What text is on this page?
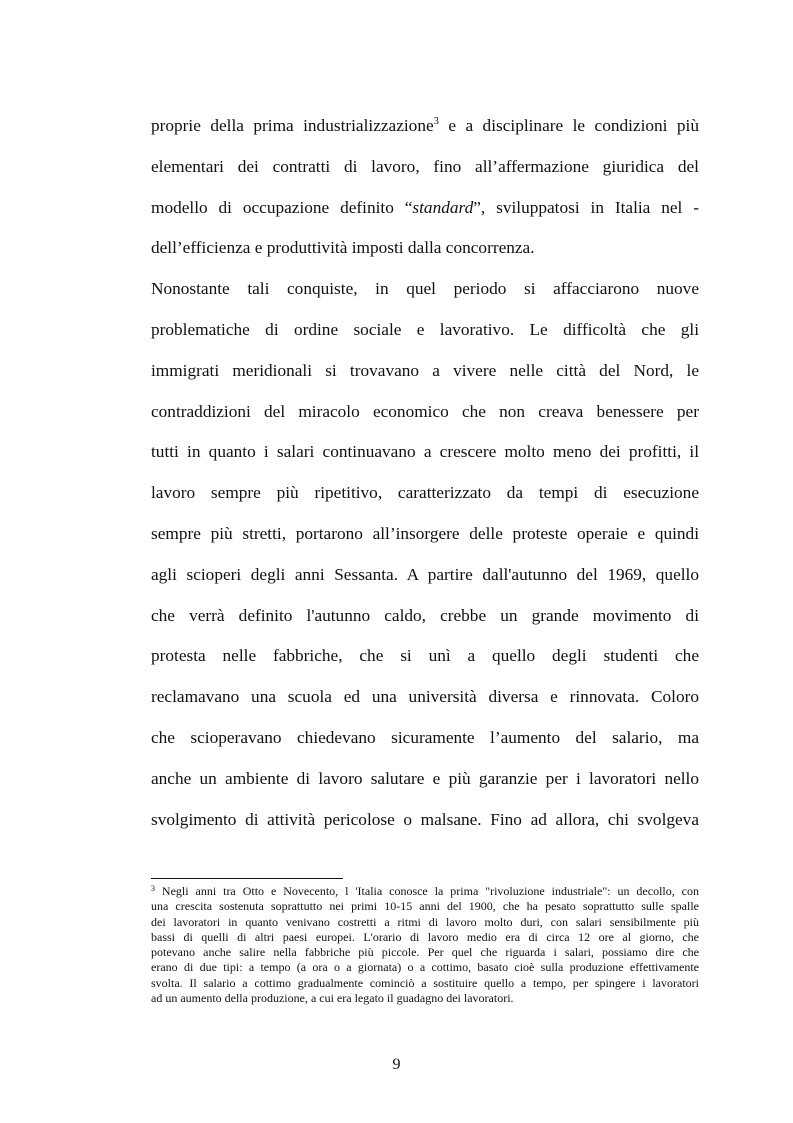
proprie della prima industrializzazione$^3$ e a disciplinare le condizioni più
elementari dei contratti di lavoro, fino all’affermazione giuridica del
modello di occupazione definito “standard”, sviluppatosi in Italia nel -
dell’efficienza e produttività imposti dalla concorrenza.
Nonostante tali conquiste, in quel periodo si affacciarono nuove
problematiche di ordine sociale e lavorativo. Le difficoltà che gli
immigrati meridionali si trovavano a vivere nelle città del Nord, le
contraddizioni del miracolo economico che non creava benessere per
tutti in quanto i salari continuavano a crescere molto meno dei profitti, il
lavoro sempre più ripetitivo, caratterizzato da tempi di esecuzione
sempre più stretti, portarono all’insorgere delle proteste operaie e quindi
agli scioperi degli anni Sessanta. A partire dall'autunno del 1969, quello
che verrà definito l'autunno caldo, crebbe un grande movimento di
protesta nelle fabbriche, che si unì a quello degli studenti che
reclamavano una scuola ed una università diversa e rinnovata. Coloro
che scioperavano chiedevano sicuramente l’aumento del salario, ma
anche un ambiente di lavoro salutare e più garanzie per i lavoratori nello
svolgimento di attività pericolose o malsane. Fino ad allora, chi svolgeva
$^3$ Negli anni tra Otto e Novecento, l 'Italia conosce la prima "rivoluzione industriale": un decollo, con
una crescita sostenuta soprattutto nei primi 10-15 anni del 1900, che ha pesato soprattutto sulle spalle
dei lavoratori in quanto venivano costretti a ritmi di lavoro molto duri, con salari sensibilmente più
bassi di quelli di altri paesi europei. L'orario di lavoro medio era di circa 12 ore al giorno, che
potevano anche salire nella fabbriche più piccole. Per quel che riguarda i salari, possiamo dire che
erano di due tipi: a tempo (a ora o a giornata) o a cottimo, basato cioè sulla produzione effettivamente
svolta. Il salario a cottimo gradualmente cominciò a sostituire quello a tempo, per spingere i lavoratori
ad un aumento della produzione, a cui era legato il guadagno dei lavoratori.
9
